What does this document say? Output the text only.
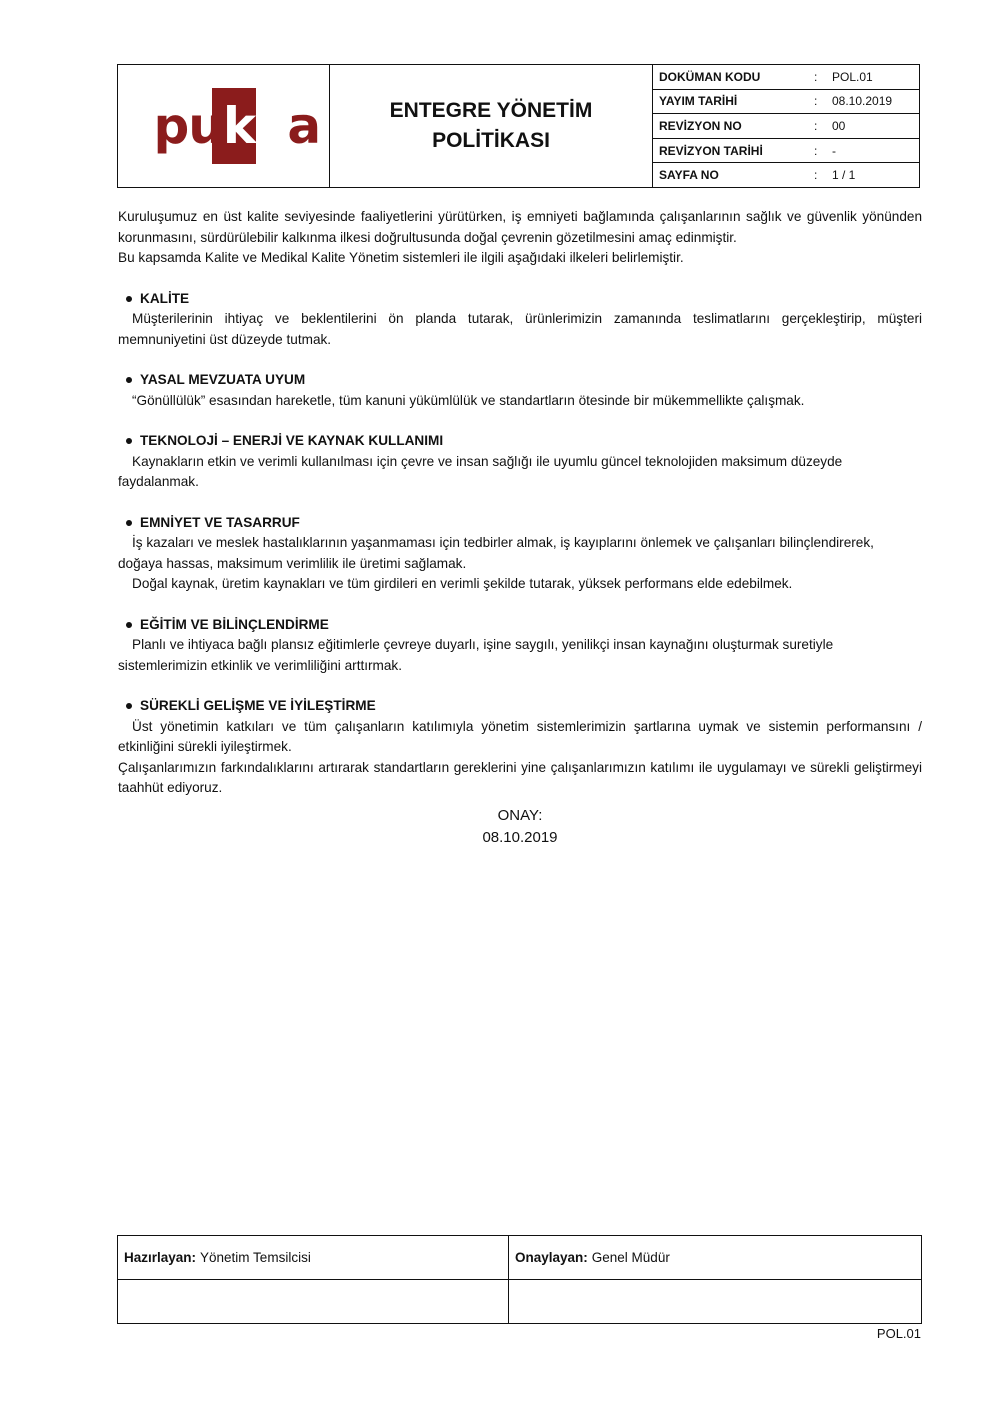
pukka	ENTEGRE YÖNETİM
POLİTİKASI
DOKÜMAN KODU	:	POL.01
YAYIM TARİHİ	:	08.10.2019
REVİZYON NO	:	00
REVİZYON TARİHİ	:	-
SAYFA NO	:	1 / 1

Kuruluşumuz en üst kalite seviyesinde faaliyetlerini yürütürken, iş emniyeti bağlamında çalışanlarının sağlık ve güvenlik yönünden korunmasını, sürdürülebilir kalkınma ilkesi doğrultusunda doğal çevrenin gözetilmesini amaç edinmiştir.

Bu kapsamda Kalite ve Medikal Kalite Yönetim sistemleri ile ilgili aşağıdaki ilkeleri belirlemiştir.

KALİTE

Müşterilerinin ihtiyaç ve beklentilerini ön planda tutarak, ürünlerimizin zamanında teslimatlarını gerçekleştirip, müşteri memnuniyetini üst düzeyde tutmak.

YASAL MEVZUATA UYUM

“Gönüllülük” esasından hareketle, tüm kanuni yükümlülük ve standartların ötesinde bir mükemmellikte çalışmak.

TEKNOLOJİ – ENERJİ VE KAYNAK KULLANIMI

Kaynakların etkin ve verimli kullanılması için çevre ve insan sağlığı ile uyumlu güncel teknolojiden maksimum düzeyde faydalanmak.

EMNİYET VE TASARRUF

İş kazaları ve meslek hastalıklarının yaşanmaması için tedbirler almak, iş kayıplarını önlemek ve çalışanları bilinçlendirerek, doğaya hassas, maksimum verimlilik ile üretimi sağlamak.

Doğal kaynak, üretim kaynakları ve tüm girdileri en verimli şekilde tutarak, yüksek performans elde edebilmek.

EĞİTİM VE BİLİNÇLENDİRME

Planlı ve ihtiyaca bağlı plansız eğitimlerle çevreye duyarlı, işine saygılı, yenilikçi insan kaynağını oluşturmak suretiyle sistemlerimizin etkinlik ve verimliliğini arttırmak.

SÜREKLİ GELİŞME VE İYİLEŞTİRME

Üst yönetimin katkıları ve tüm çalışanların katılımıyla yönetim sistemlerimizin şartlarına uymak ve sistemin performansını / etkinliğini sürekli iyileştirmek.

Çalışanlarımızın farkındalıklarını artırarak standartların gereklerini yine çalışanlarımızın katılımı ile uygulamayı ve sürekli geliştirmeyi taahhüt ediyoruz.

ONAY:
08.10.2019
Hazırlayan: Yönetim Temsilcisi	Onaylayan: Genel Müdür
POL.01
